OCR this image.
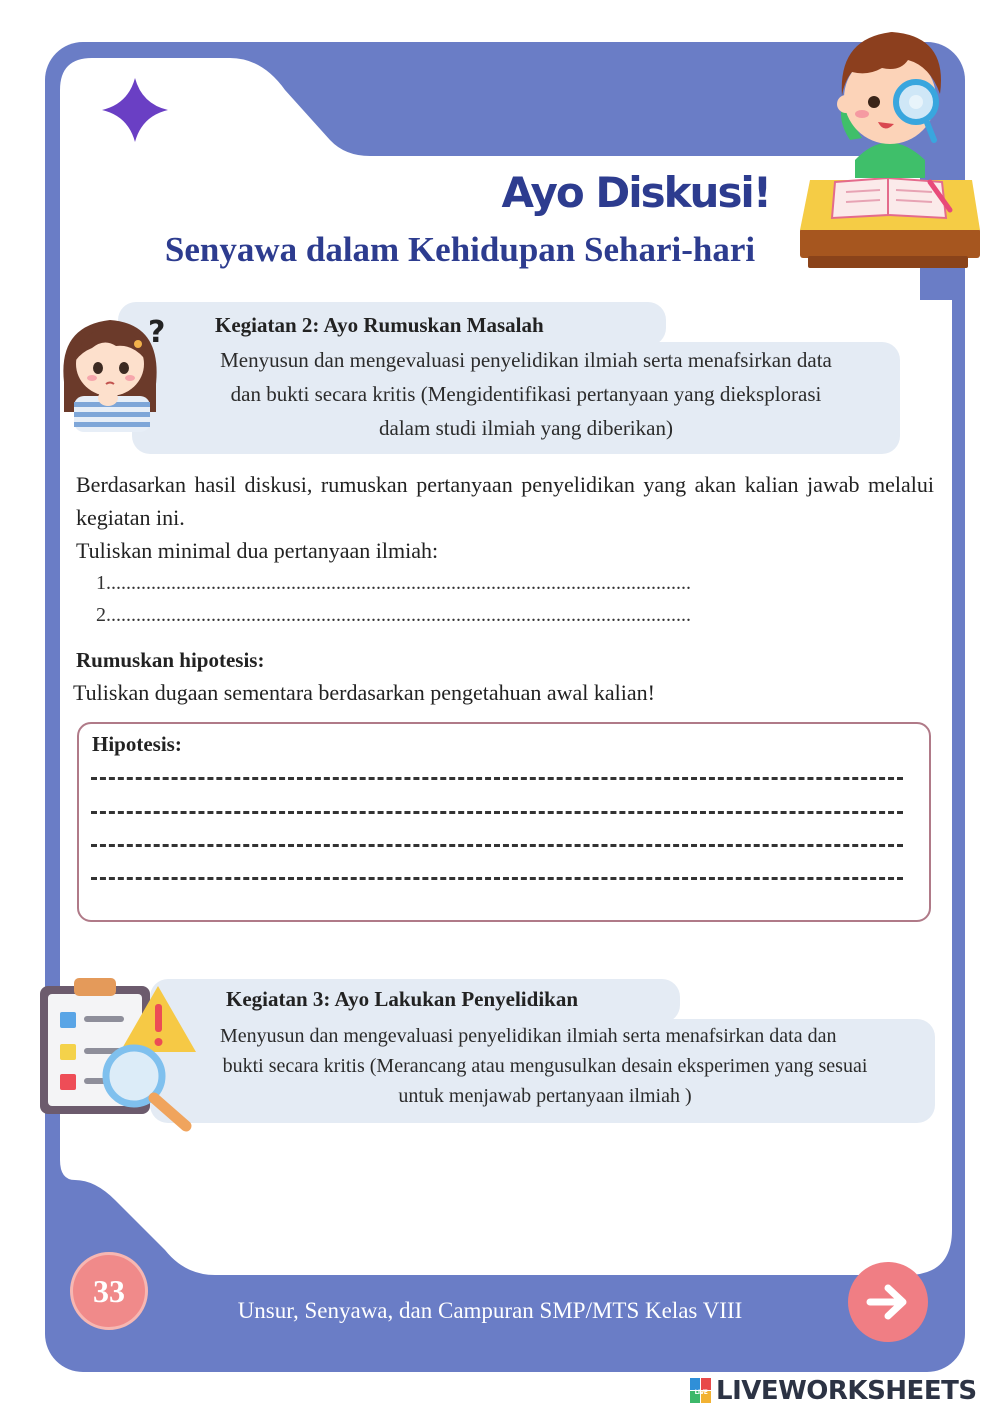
Ayo Diskusi!
Senyawa dalam Kehidupan Sehari-hari
Kegiatan 2: Ayo Rumuskan Masalah
Menyusun dan mengevaluasi penyelidikan ilmiah serta menafsirkan data
dan bukti secara kritis (Mengidentifikasi pertanyaan yang dieksplorasi
dalam studi ilmiah yang diberikan)
?
Berdasarkan hasil diskusi, rumuskan pertanyaan penyelidikan yang akan kalian jawab melalui kegiatan ini.
Tuliskan minimal dua pertanyaan ilmiah:
1.....................................................................................................................
2.....................................................................................................................
Rumuskan hipotesis:
Tuliskan dugaan sementara berdasarkan pengetahuan awal kalian!
Hipotesis:
Kegiatan 3: Ayo Lakukan Penyelidikan
Menyusun dan mengevaluasi penyelidikan ilmiah serta menafsirkan data dan
bukti secara kritis (Merancang atau mengusulkan desain eksperimen yang sesuai
untuk menjawab pertanyaan ilmiah )
33
Unsur, Senyawa, dan Campuran SMP/MTS Kelas VIII
LIVE LIVEWORKSHEETS
